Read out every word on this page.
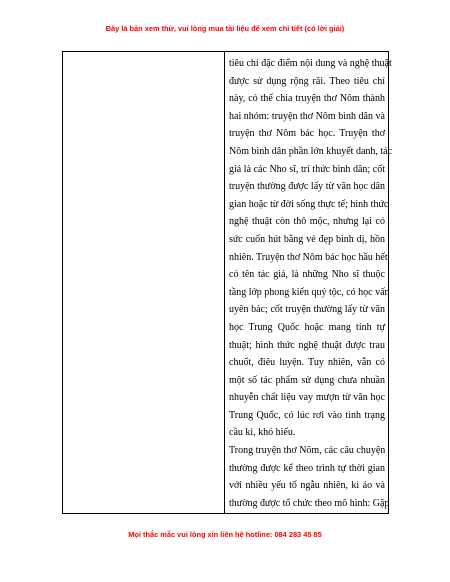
Đây là bản xem thử, vui lòng mua tài liệu để xem chi tiết (có lời giải)

tiêu chí đặc điểm nội dung và nghệ thuật
được sử dụng rộng rãi. Theo tiêu chí
này, có thể chia truyện thơ Nôm thành
hai nhóm: truyện thơ Nôm bình dân và
truyện thơ Nôm bác học. Truyện thơ
Nôm bình dân phần lớn khuyết danh, tác
giả là các Nho sĩ, trí thức bình dân; cốt
truyện thường được lấy từ văn học dân
gian hoặc từ đời sống thực tế; hình thức
nghệ thuật còn thô mộc, nhưng lại có
sức cuốn hút bằng vẻ đẹp bình dị, hồn
nhiên. Truyện thơ Nôm bác học hầu hết
có tên tác giả, là những Nho sĩ thuộc
tầng lớp phong kiến quý tộc, có học vấn
uyên bác; cốt truyện thường lấy từ văn
học Trung Quốc hoặc mang tính tự
thuật; hình thức nghệ thuật được trau
chuốt, điêu luyện. Tuy nhiên, vẫn có
một số tác phẩm sử dụng chưa nhuần
nhuyễn chất liệu vay mượn từ văn học
Trung Quốc, có lúc rơi vào tình trạng
cầu kì, khó hiểu.

Trong truyện thơ Nôm, các câu chuyện
thường được kể theo trình tự thời gian
với nhiều yếu tố ngẫu nhiên, kì ảo và
thường được tổ chức theo mô hình: Gặp

Mọi thắc mắc vui lòng xin liên hệ hotline: 084 283 45 85
